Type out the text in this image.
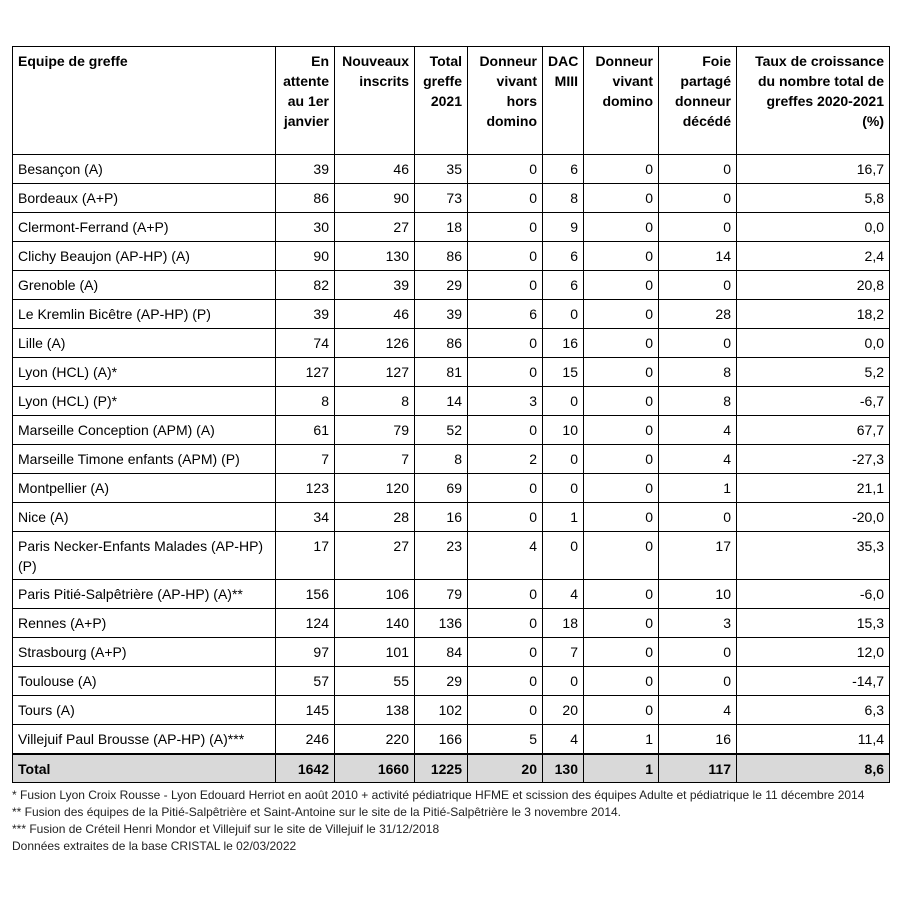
Equipe de greffe	En attente au 1er janvier	Nouveaux inscrits	Total greffe 2021	Donneur vivant hors domino	DAC MIII	Donneur vivant domino	Foie partagé donneur décédé	Taux de croissance du nombre total de greffes 2020-2021 (%)
Besançon (A)	39	46	35	0	6	0	0	16,7
Bordeaux (A+P)	86	90	73	0	8	0	0	5,8
Clermont-Ferrand (A+P)	30	27	18	0	9	0	0	0,0
Clichy Beaujon (AP-HP) (A)	90	130	86	0	6	0	14	2,4
Grenoble (A)	82	39	29	0	6	0	0	20,8
Le Kremlin Bicêtre (AP-HP) (P)	39	46	39	6	0	0	28	18,2
Lille (A)	74	126	86	0	16	0	0	0,0
Lyon (HCL) (A)*	127	127	81	0	15	0	8	5,2
Lyon (HCL) (P)*	8	8	14	3	0	0	8	-6,7
Marseille Conception (APM) (A)	61	79	52	0	10	0	4	67,7
Marseille Timone enfants (APM) (P)	7	7	8	2	0	0	4	-27,3
Montpellier (A)	123	120	69	0	0	0	1	21,1
Nice (A)	34	28	16	0	1	0	0	-20,0
Paris Necker-Enfants Malades (AP-HP) (P)	17	27	23	4	0	0	17	35,3
Paris Pitié-Salpêtrière (AP-HP) (A)**	156	106	79	0	4	0	10	-6,0
Rennes (A+P)	124	140	136	0	18	0	3	15,3
Strasbourg (A+P)	97	101	84	0	7	0	0	12,0
Toulouse (A)	57	55	29	0	0	0	0	-14,7
Tours (A)	145	138	102	0	20	0	4	6,3
Villejuif Paul Brousse (AP-HP) (A)***	246	220	166	5	4	1	16	11,4
Total	1642	1660	1225	20	130	1	117	8,6
* Fusion Lyon Croix Rousse - Lyon Edouard Herriot en août 2010 + activité pédiatrique HFME et scission des équipes Adulte et pédiatrique le 11 décembre 2014
** Fusion des équipes de la Pitié-Salpêtrière et Saint-Antoine sur le site de la Pitié-Salpêtrière le 3 novembre 2014.
*** Fusion de Créteil Henri Mondor et Villejuif sur le site de Villejuif le 31/12/2018
Données extraites de la base CRISTAL le 02/03/2022
